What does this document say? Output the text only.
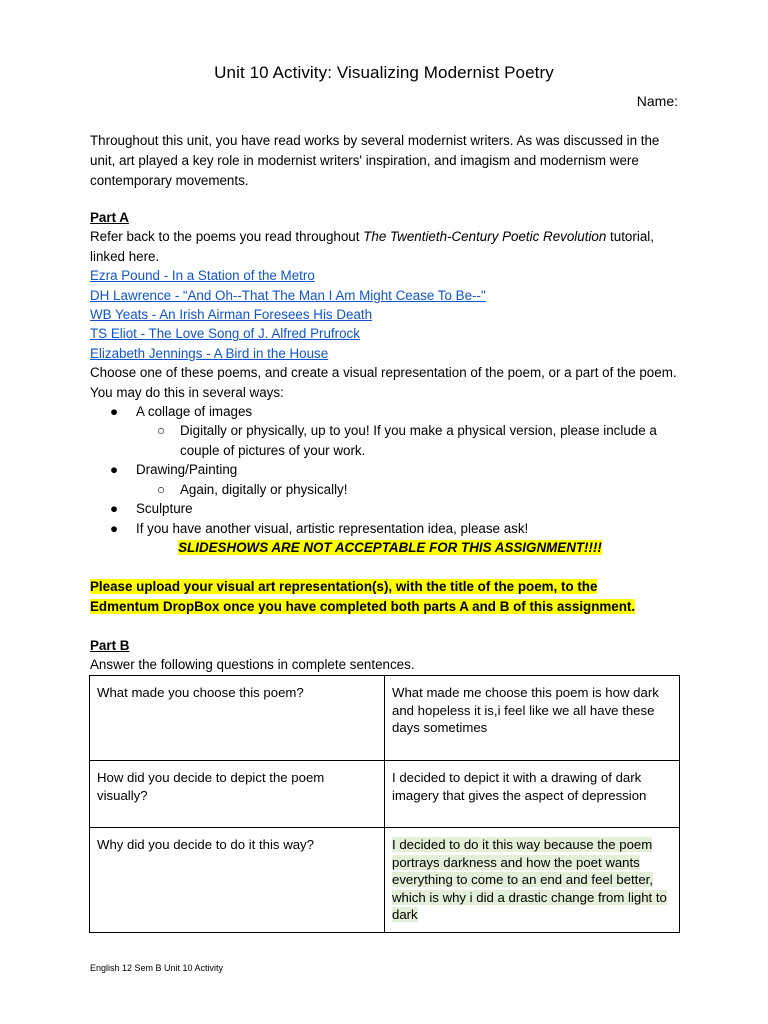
Unit 10 Activity: Visualizing Modernist Poetry
Name:
Throughout this unit, you have read works by several modernist writers. As was discussed in the unit, art played a key role in modernist writers' inspiration, and imagism and modernism were contemporary movements.
Part A
Refer back to the poems you read throughout The Twentieth-Century Poetic Revolution tutorial, linked here.
Ezra Pound - In a Station of the Metro
DH Lawrence - “And Oh--That The Man I Am Might Cease To Be--"
WB Yeats - An Irish Airman Foresees His Death
TS Eliot - The Love Song of J. Alfred Prufrock
Elizabeth Jennings - A Bird in the House
Choose one of these poems, and create a visual representation of the poem, or a part of the poem. You may do this in several ways:
● A collage of images
○ Digitally or physically, up to you! If you make a physical version, please include a couple of pictures of your work.
● Drawing/Painting
○ Again, digitally or physically!
● Sculpture
● If you have another visual, artistic representation idea, please ask!
SLIDESHOWS ARE NOT ACCEPTABLE FOR THIS ASSIGNMENT!!!!
Please upload your visual art representation(s), with the title of the poem, to the
Edmentum DropBox once you have completed both parts A and B of this assignment.
Part B
Answer the following questions in complete sentences.
What made you choose this poem?	What made me choose this poem is how dark and hopeless it is,i feel like we all have these days sometimes
How did you decide to depict the poem visually?	I decided to depict it with a drawing of dark imagery that gives the aspect of depression
Why did you decide to do it this way?	I decided to do it this way because the poem portrays darkness and how the poet wants everything to come to an end and feel better, which is why i did a drastic change from light to dark
English 12 Sem B Unit 10 Activity
